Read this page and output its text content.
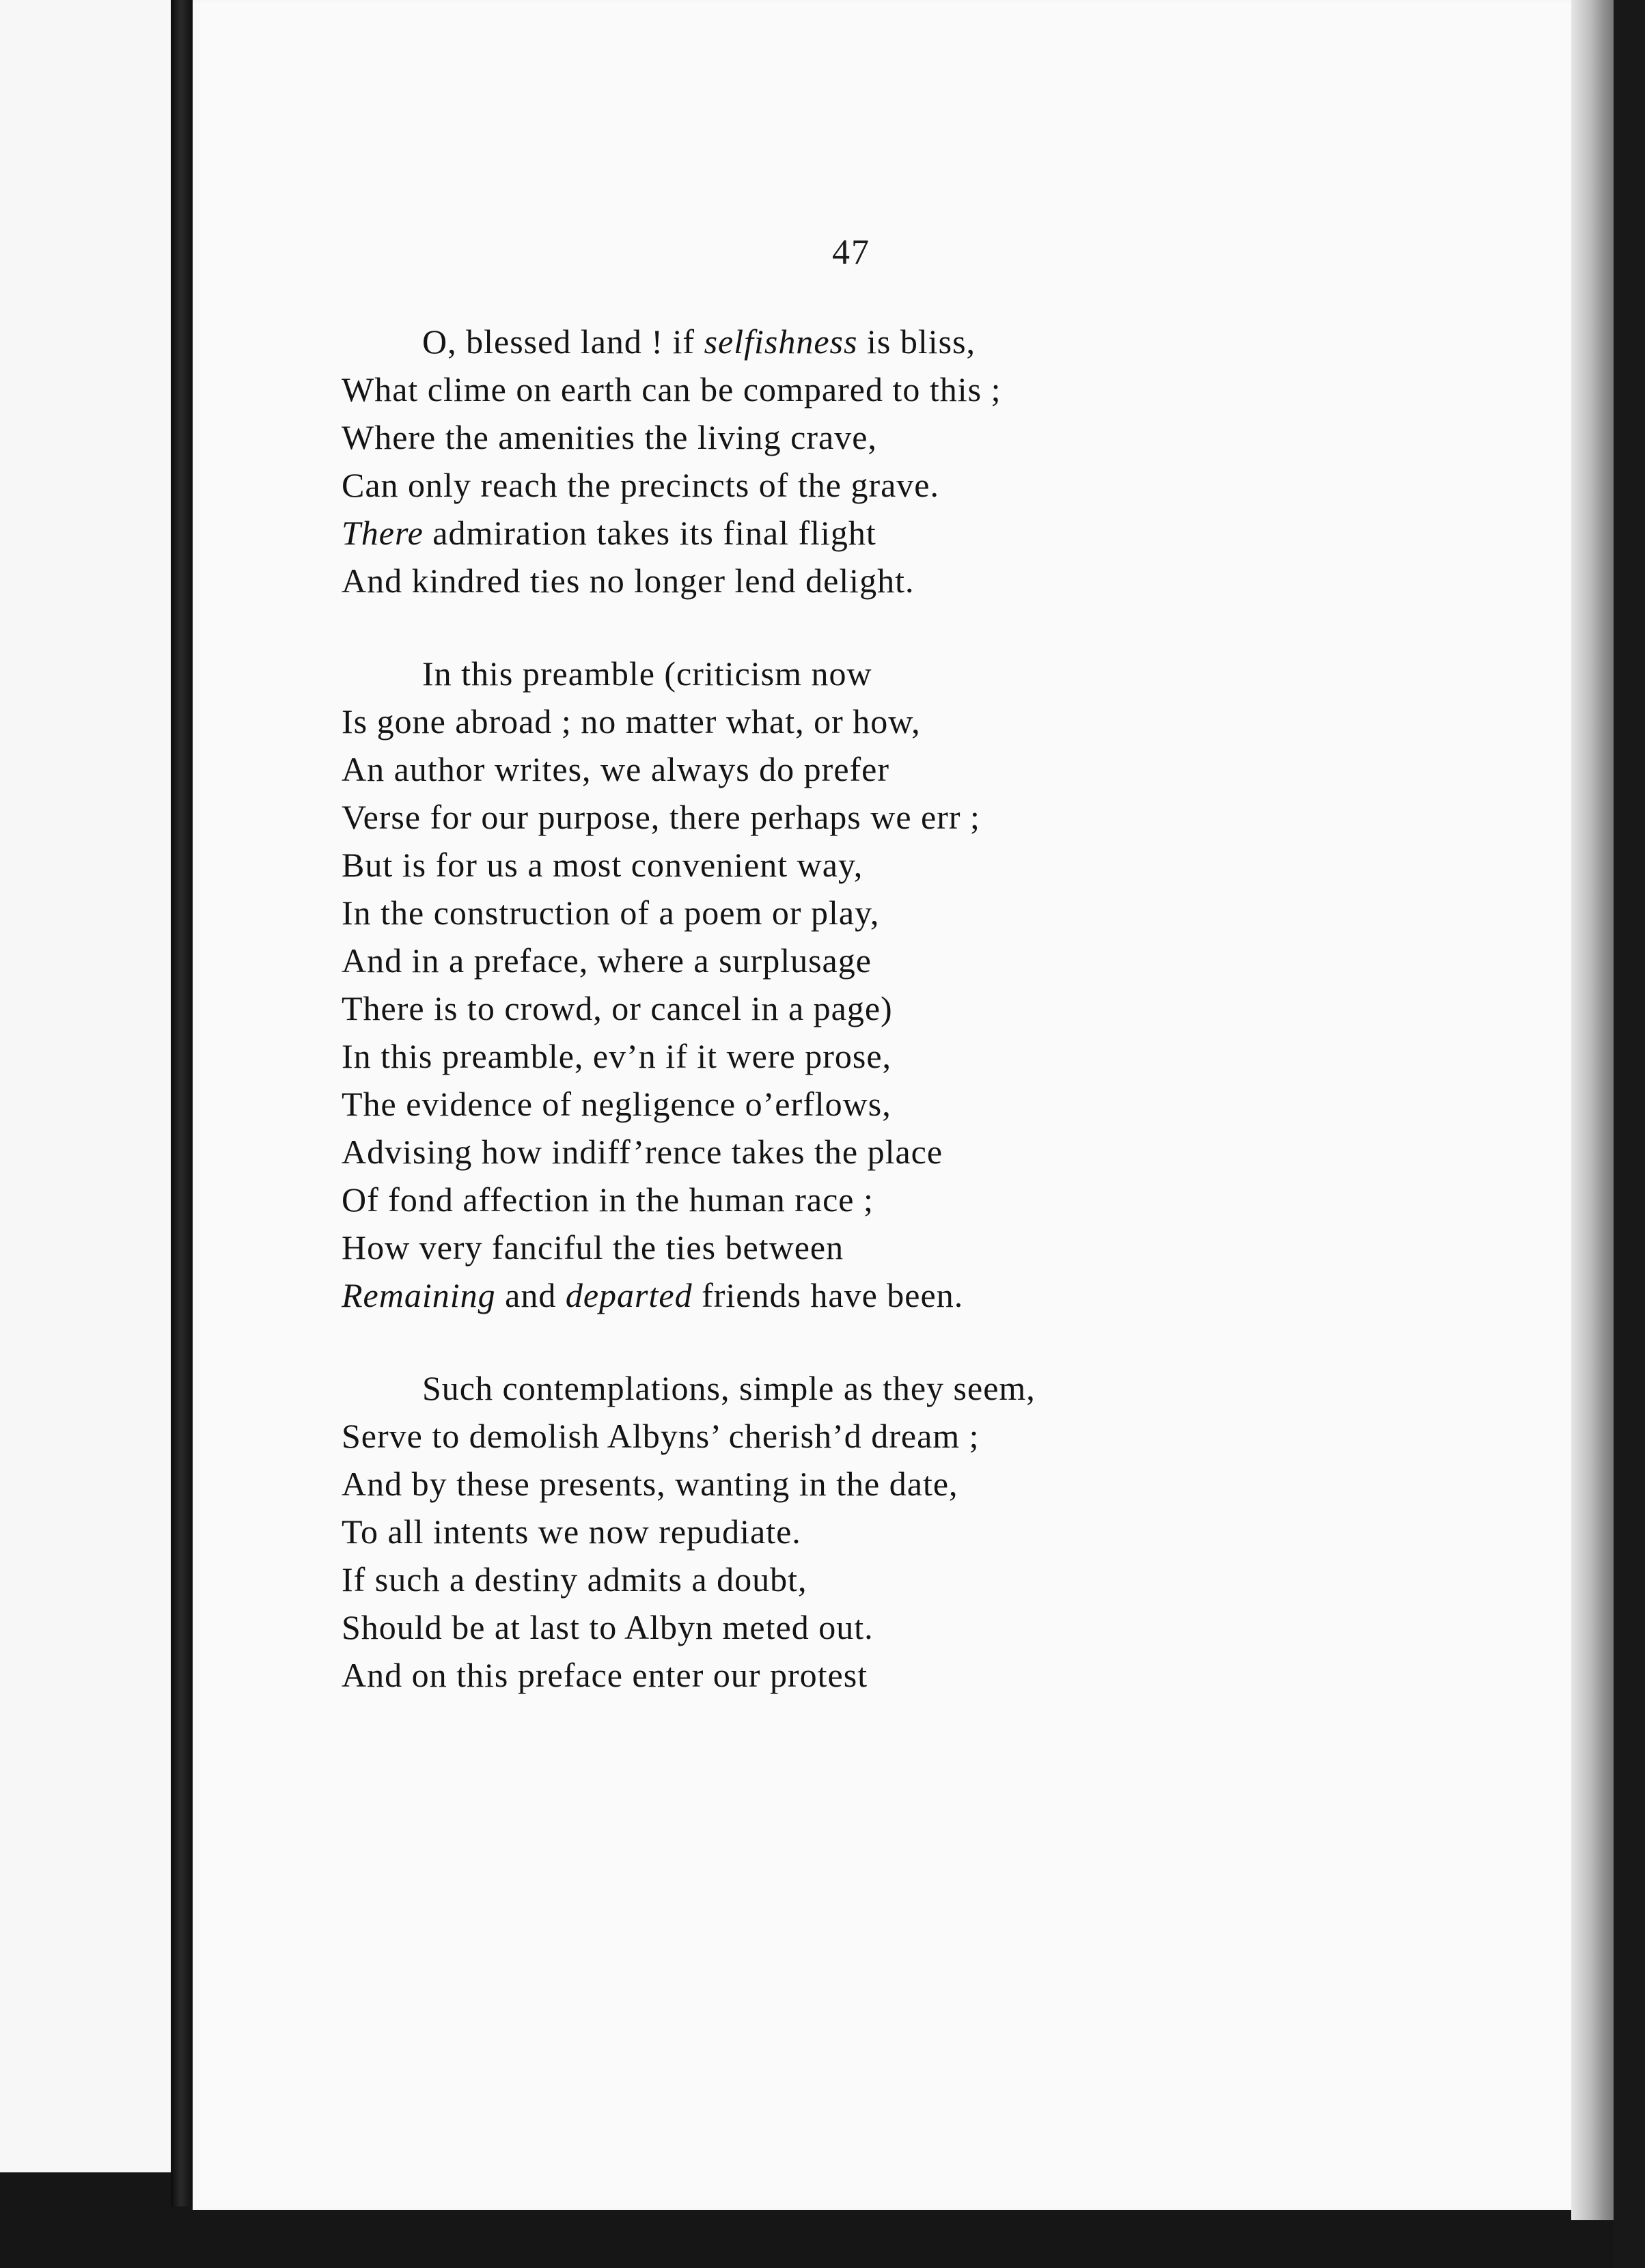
47
O, blessed land ! if selfishness is bliss,
What clime on earth can be compared to this ;
Where the amenities the living crave,
Can only reach the precincts of the grave.
There admiration takes its final flight
And kindred ties no longer lend delight.
In this preamble (criticism now
Is gone abroad ; no matter what, or how,
An author writes, we always do prefer
Verse for our purpose, there perhaps we err ;
But is for us a most convenient way,
In the construction of a poem or play,
And in a preface, where a surplusage
There is to crowd, or cancel in a page)
In this preamble, ev’n if it were prose,
The evidence of negligence o’erflows,
Advising how indiff’rence takes the place
Of fond affection in the human race ;
How very fanciful the ties between
Remaining and departed friends have been.
Such contemplations, simple as they seem,
Serve to demolish Albyns’ cherish’d dream ;
And by these presents, wanting in the date,
To all intents we now repudiate.
If such a destiny admits a doubt,
Should be at last to Albyn meted out.
And on this preface enter our protest
